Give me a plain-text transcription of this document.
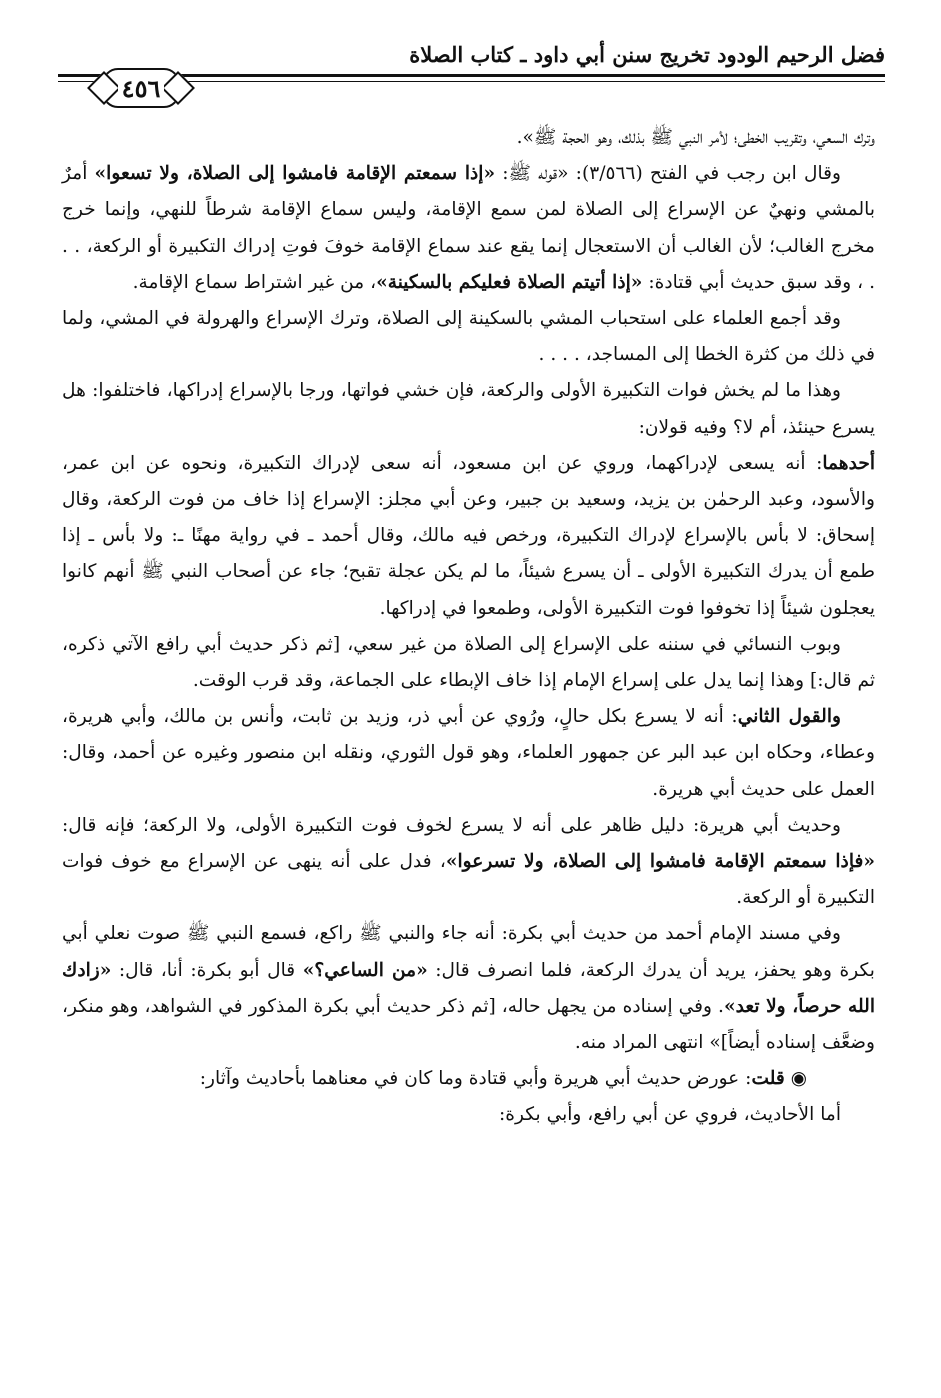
فضل الرحيم الودود تخريج سنن أبي داود ـ كتاب الصلاة
٤٥٦

وترك السعي، وتقريب الخطى؛ لأمر النبي ﷺ بذلك، وهو الحجة ﷺ».

وقال ابن رجب في الفتح (٣/٥٦٦): «قوله ﷺ: «إذا سمعتم الإقامة فامشوا إلى الصلاة، ولا تسعوا» أمرٌ بالمشي ونهيٌ عن الإسراع إلى الصلاة لمن سمع الإقامة، وليس سماع الإقامة شرطاً للنهي، وإنما خرج مخرج الغالب؛ لأن الغالب أن الاستعجال إنما يقع عند سماع الإقامة خوفَ فوتِ إدراك التكبيرة أو الركعة، . . . ، وقد سبق حديث أبي قتادة: «إذا أتيتم الصلاة فعليكم بالسكينة»، من غير اشتراط سماع الإقامة.

وقد أجمع العلماء على استحباب المشي بالسكينة إلى الصلاة، وترك الإسراع والهرولة في المشي، ولما في ذلك من كثرة الخطا إلى المساجد، . . . .

وهذا ما لم يخش فوات التكبيرة الأولى والركعة، فإن خشي فواتها، ورجا بالإسراع إدراكها، فاختلفوا: هل يسرع حينئذ، أم لا؟ وفيه قولان:

أحدهما: أنه يسعى لإدراكهما، وروي عن ابن مسعود، أنه سعى لإدراك التكبيرة، ونحوه عن ابن عمر، والأسود، وعبد الرحمٰن بن يزيد، وسعيد بن جبير، وعن أبي مجلز: الإسراع إذا خاف من فوت الركعة، وقال إسحاق: لا بأس بالإسراع لإدراك التكبيرة، ورخص فيه مالك، وقال أحمد ـ في رواية مهنًا ـ: ولا بأس ـ إذا طمع أن يدرك التكبيرة الأولى ـ أن يسرع شيئاً، ما لم يكن عجلة تقبح؛ جاء عن أصحاب النبي ﷺ أنهم كانوا يعجلون شيئاً إذا تخوفوا فوت التكبيرة الأولى، وطمعوا في إدراكها.

وبوب النسائي في سننه على الإسراع إلى الصلاة من غير سعي، [ثم ذكر حديث أبي رافع الآتي ذكره، ثم قال:] وهذا إنما يدل على إسراع الإمام إذا خاف الإبطاء على الجماعة، وقد قرب الوقت.

والقول الثاني: أنه لا يسرع بكل حالٍ، ورُوي عن أبي ذر، وزيد بن ثابت، وأنس بن مالك، وأبي هريرة، وعطاء، وحكاه ابن عبد البر عن جمهور العلماء، وهو قول الثوري، ونقله ابن منصور وغيره عن أحمد، وقال: العمل على حديث أبي هريرة.

وحديث أبي هريرة: دليل ظاهر على أنه لا يسرع لخوف فوت التكبيرة الأولى، ولا الركعة؛ فإنه قال: «فإذا سمعتم الإقامة فامشوا إلى الصلاة، ولا تسرعوا»، فدل على أنه ينهى عن الإسراع مع خوف فوات التكبيرة أو الركعة.

وفي مسند الإمام أحمد من حديث أبي بكرة: أنه جاء والنبي ﷺ راكع، فسمع النبي ﷺ صوت نعلي أبي بكرة وهو يحفز، يريد أن يدرك الركعة، فلما انصرف قال: «من الساعي؟» قال أبو بكرة: أنا، قال: «زادك الله حرصاً، ولا تعد». وفي إسناده من يجهل حاله، [ثم ذكر حديث أبي بكرة المذكور في الشواهد، وهو منكر، وضعَّف إسناده أيضاً]» انتهى المراد منه.

◉قلت: عورض حديث أبي هريرة وأبي قتادة وما كان في معناهما بأحاديث وآثار:

أما الأحاديث، فروي عن أبي رافع، وأبي بكرة:
